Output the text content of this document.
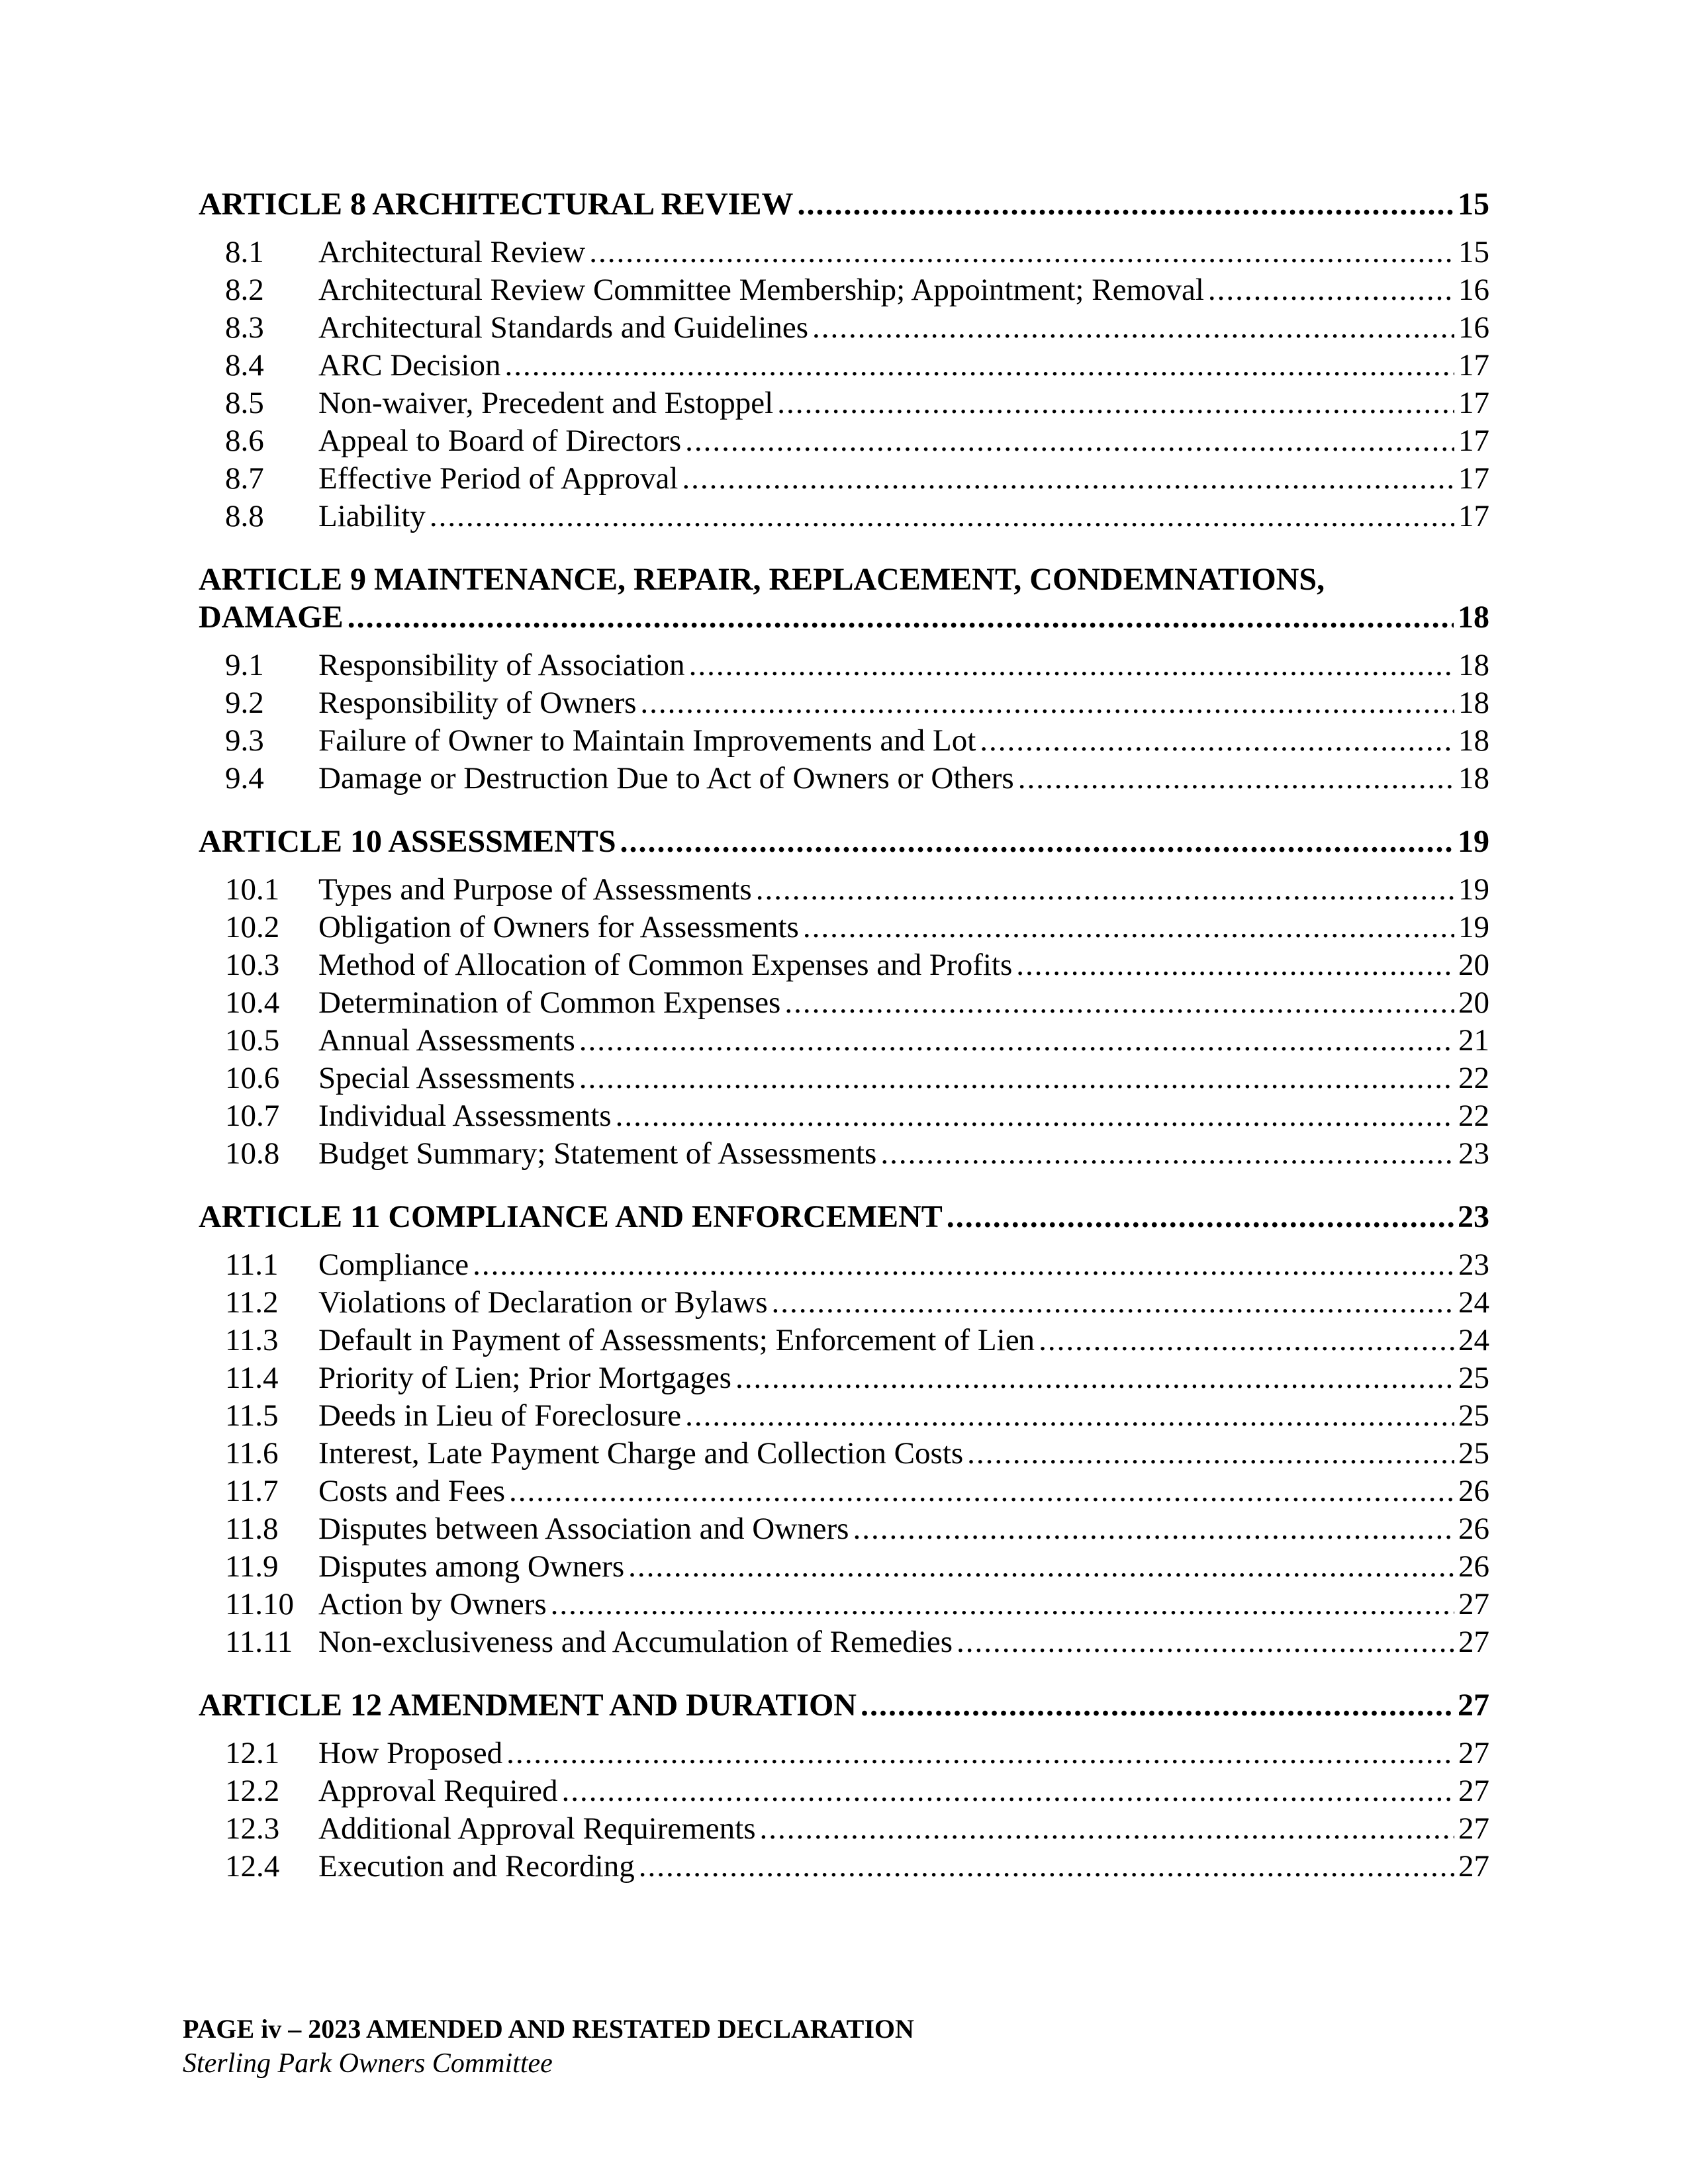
ARTICLE 8 ARCHITECTURAL REVIEW .....	15
8.1	Architectural Review .....	15
8.2	Architectural Review Committee Membership; Appointment; Removal .....	16
8.3	Architectural Standards and Guidelines .....	16
8.4	ARC Decision .....	17
8.5	Non-waiver, Precedent and Estoppel .....	17
8.6	Appeal to Board of Directors .....	17
8.7	Effective Period of Approval .....	17
8.8	Liability .....	17
ARTICLE 9 MAINTENANCE, REPAIR, REPLACEMENT, CONDEMNATIONS,
DAMAGE .....	18
9.1	Responsibility of Association .....	18
9.2	Responsibility of Owners .....	18
9.3	Failure of Owner to Maintain Improvements and Lot .....	18
9.4	Damage or Destruction Due to Act of Owners or Others .....	18
ARTICLE 10 ASSESSMENTS .....	19
10.1	Types and Purpose of Assessments .....	19
10.2	Obligation of Owners for Assessments .....	19
10.3	Method of Allocation of Common Expenses and Profits .....	20
10.4	Determination of Common Expenses .....	20
10.5	Annual Assessments .....	21
10.6	Special Assessments .....	22
10.7	Individual Assessments .....	22
10.8	Budget Summary; Statement of Assessments .....	23
ARTICLE 11 COMPLIANCE AND ENFORCEMENT .....	23
11.1	Compliance .....	23
11.2	Violations of Declaration or Bylaws .....	24
11.3	Default in Payment of Assessments; Enforcement of Lien .....	24
11.4	Priority of Lien; Prior Mortgages .....	25
11.5	Deeds in Lieu of Foreclosure .....	25
11.6	Interest, Late Payment Charge and Collection Costs .....	25
11.7	Costs and Fees .....	26
11.8	Disputes between Association and Owners .....	26
11.9	Disputes among Owners .....	26
11.10 Action by Owners .....	27
11.11 Non-exclusiveness and Accumulation of Remedies .....	27
ARTICLE 12 AMENDMENT AND DURATION .....	27
12.1	How Proposed .....	27
12.2	Approval Required .....	27
12.3	Additional Approval Requirements .....	27
12.4	Execution and Recording .....	27
PAGE iv – 2023 AMENDED AND RESTATED DECLARATION
Sterling Park Owners Committee
